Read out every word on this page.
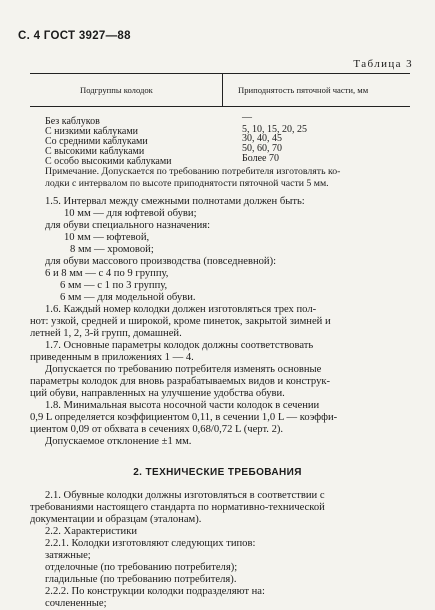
С. 4 ГОСТ 3927—88
Таблица 3
Подгруппы колодок	Приподнятость пяточной части, мм
Без каблуков	—
С низкими каблуками	5, 10, 15, 20, 25
Со средними каблуками	30, 40, 45
С высокими каблуками	50, 60, 70
С особо высокими каблуками	Более 70
Примечание. Допускается по требованию потребителя изготовлять ко-
лодки с интервалом по высоте приподнятости пяточной части 5 мм.
1.5. Интервал между смежными полнотами должен быть:
10 мм — для юфтевой обуви;
для обуви специального назначения:
10 мм — юфтевой,
8 мм — хромовой;
для обуви массового производства (повседневной):
6 и 8 мм — с 4 по 9 группу,
6 мм — с 1 по 3 группу,
6 мм — для модельной обуви.
1.6. Каждый номер колодки должен изготовляться трех пол-
нот: узкой, средней и широкой, кроме пинеток, закрытой зимней и
летней 1, 2, 3-й групп, домашней.
1.7. Основные параметры колодок должны соответствовать
приведенным в приложениях 1 — 4.
Допускается по требованию потребителя изменять основные
параметры колодок для вновь разрабатываемых видов и конструк-
ций обуви, направленных на улучшение удобства обуви.
1.8. Минимальная высота носочной части колодок в сечении
0,9 L определяется коэффициентом 0,11, в сечении 1,0 L — коэффи-
циентом 0,09 от обхвата в сечениях 0,68/0,72 L (черт. 2).
Допускаемое отклонение ±1 мм.
2. ТЕХНИЧЕСКИЕ ТРЕБОВАНИЯ
2.1. Обувные колодки должны изготовляться в соответствии с
требованиями настоящего стандарта по нормативно-технической
документации и образцам (эталонам).
2.2. Характеристики
2.2.1. Колодки изготовляют следующих типов:
затяжные;
отделочные (по требованию потребителя);
гладильные (по требованию потребителя).
2.2.2. По конструкции колодки подразделяют на:
сочлененные;
